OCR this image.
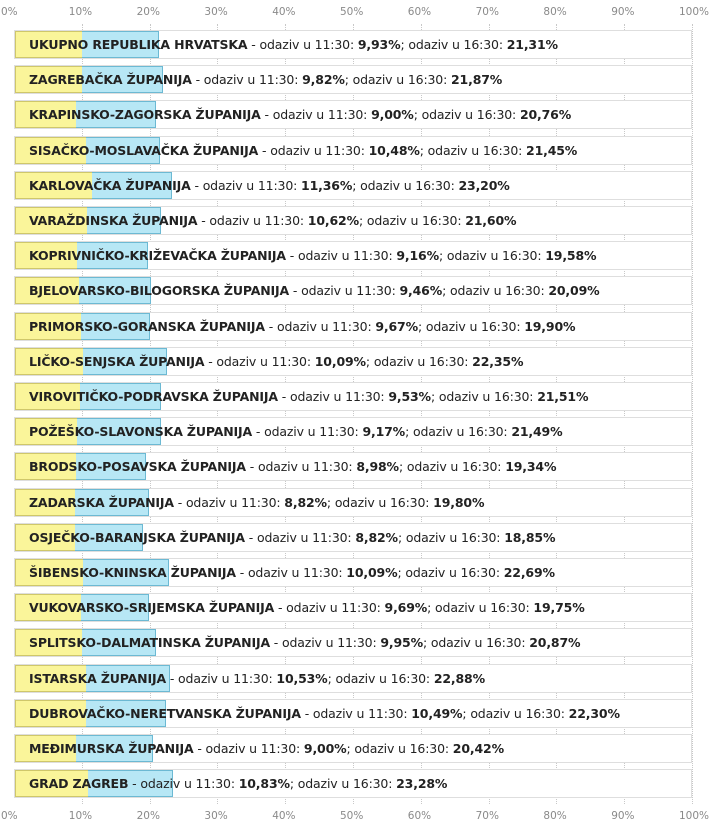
0%	10%	20%	30%	40%	50%	60%	70%	80%	90%	100%
UKUPNO REPUBLIKA HRVATSKA - odaziv u 11:30: 9,93%; odaziv u 16:30: 21,31%
ZAGREBAČKA ŽUPANIJA - odaziv u 11:30: 9,82%; odaziv u 16:30: 21,87%
KRAPINSKO-ZAGORSKA ŽUPANIJA - odaziv u 11:30: 9,00%; odaziv u 16:30: 20,76%
SISAČKO-MOSLAVAČKA ŽUPANIJA - odaziv u 11:30: 10,48%; odaziv u 16:30: 21,45%
KARLOVAČKA ŽUPANIJA - odaziv u 11:30: 11,36%; odaziv u 16:30: 23,20%
VARAŽDINSKA ŽUPANIJA - odaziv u 11:30: 10,62%; odaziv u 16:30: 21,60%
KOPRIVNIČKO-KRIŽEVAČKA ŽUPANIJA - odaziv u 11:30: 9,16%; odaziv u 16:30: 19,58%
BJELOVARSKO-BILOGORSKA ŽUPANIJA - odaziv u 11:30: 9,46%; odaziv u 16:30: 20,09%
PRIMORSKO-GORANSKA ŽUPANIJA - odaziv u 11:30: 9,67%; odaziv u 16:30: 19,90%
LIČKO-SENJSKA ŽUPANIJA - odaziv u 11:30: 10,09%; odaziv u 16:30: 22,35%
VIROVITIČKO-PODRAVSKA ŽUPANIJA - odaziv u 11:30: 9,53%; odaziv u 16:30: 21,51%
POŽEŠKO-SLAVONSKA ŽUPANIJA - odaziv u 11:30: 9,17%; odaziv u 16:30: 21,49%
BRODSKO-POSAVSKA ŽUPANIJA - odaziv u 11:30: 8,98%; odaziv u 16:30: 19,34%
ZADARSKA ŽUPANIJA - odaziv u 11:30: 8,82%; odaziv u 16:30: 19,80%
OSJEČKO-BARANJSKA ŽUPANIJA - odaziv u 11:30: 8,82%; odaziv u 16:30: 18,85%
ŠIBENSKO-KNINSKA ŽUPANIJA - odaziv u 11:30: 10,09%; odaziv u 16:30: 22,69%
VUKOVARSKO-SRIJEMSKA ŽUPANIJA - odaziv u 11:30: 9,69%; odaziv u 16:30: 19,75%
SPLITSKO-DALMATINSKA ŽUPANIJA - odaziv u 11:30: 9,95%; odaziv u 16:30: 20,87%
ISTARSKA ŽUPANIJA - odaziv u 11:30: 10,53%; odaziv u 16:30: 22,88%
DUBROVAČKO-NERETVANSKA ŽUPANIJA - odaziv u 11:30: 10,49%; odaziv u 16:30: 22,30%
MEĐIMURSKA ŽUPANIJA - odaziv u 11:30: 9,00%; odaziv u 16:30: 20,42%
GRAD ZAGREB - odaziv u 11:30: 10,83%; odaziv u 16:30: 23,28%
0%	10%	20%	30%	40%	50%	60%	70%	80%	90%	100%
